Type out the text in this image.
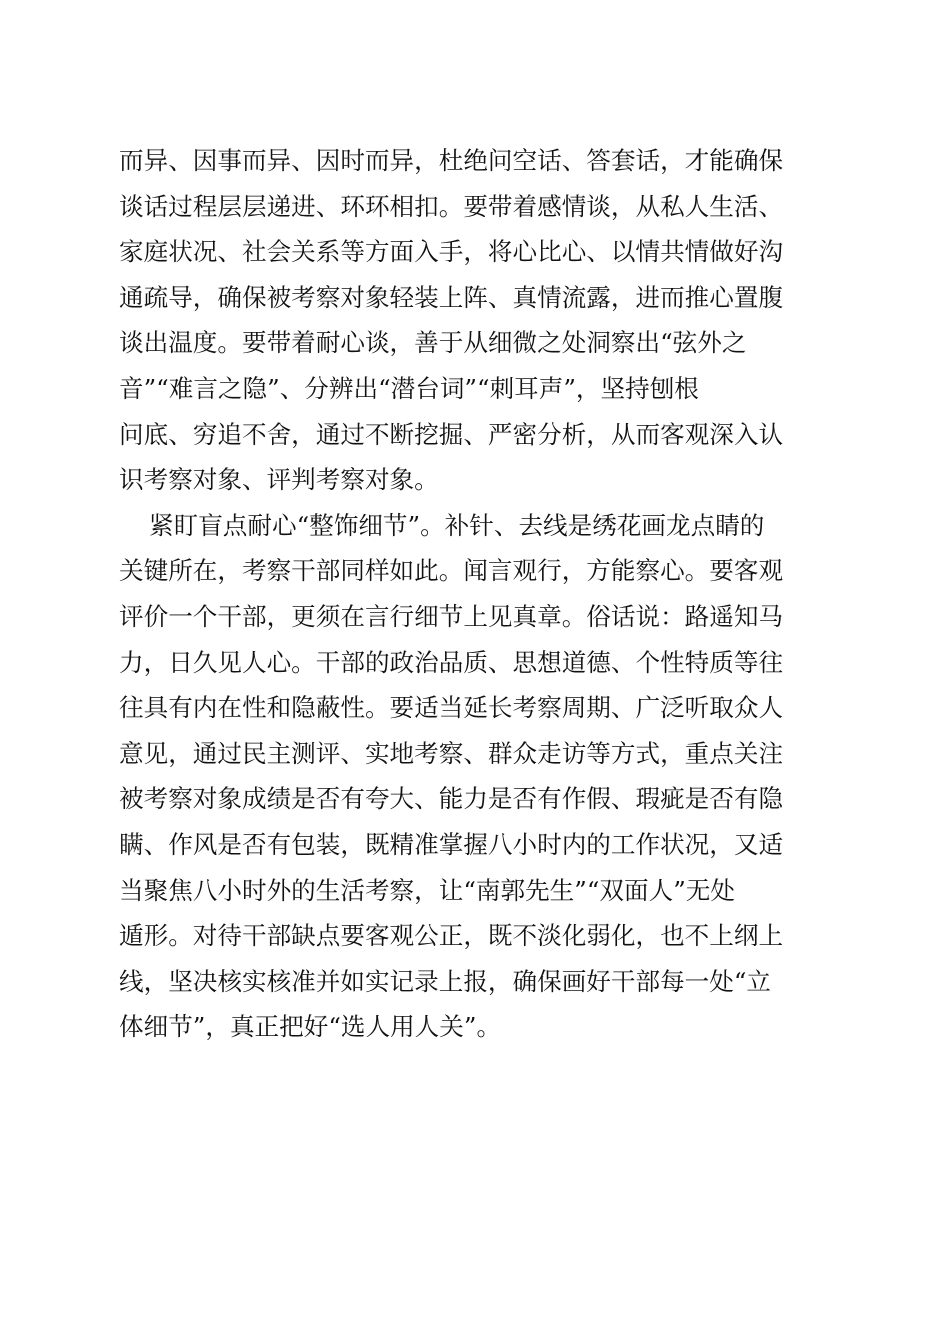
而异、因事而异、因时而异，杜绝问空话、答套话，才能确保
谈话过程层层递进、环环相扣。要带着感情谈，从私人生活、
家庭状况、社会关系等方面入手，将心比心、以情共情做好沟
通疏导，确保被考察对象轻装上阵、真情流露，进而推心置腹
谈出温度。要带着耐心谈，善于从细微之处洞察出“弦外之
音”“难言之隐”、分辨出“潜台词”“刺耳声”，坚持刨根
问底、穷追不舍，通过不断挖掘、严密分析，从而客观深入认
识考察对象、评判考察对象。
紧盯盲点耐心“整饰细节”。补针、去线是绣花画龙点睛的
关键所在，考察干部同样如此。闻言观行，方能察心。要客观
评价一个干部，更须在言行细节上见真章。俗话说：路遥知马
力，日久见人心。干部的政治品质、思想道德、个性特质等往
往具有内在性和隐蔽性。要适当延长考察周期、广泛听取众人
意见，通过民主测评、实地考察、群众走访等方式，重点关注
被考察对象成绩是否有夸大、能力是否有作假、瑕疵是否有隐
瞒、作风是否有包装，既精准掌握八小时内的工作状况，又适
当聚焦八小时外的生活考察，让“南郭先生”“双面人”无处
遁形。对待干部缺点要客观公正，既不淡化弱化，也不上纲上
线，坚决核实核准并如实记录上报，确保画好干部每一处“立
体细节”，真正把好“选人用人关”。
